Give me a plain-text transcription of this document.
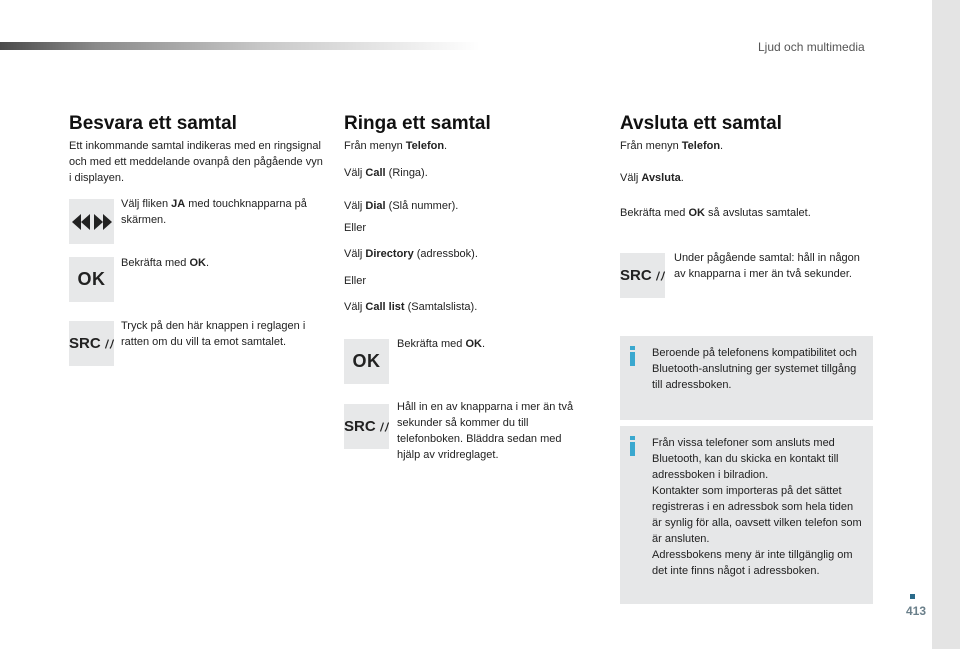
Ljud och multimedia
413
Besvara ett samtal

Ett inkommande samtal indikeras med en ringsignal och med ett meddelande ovanpå den pågående vyn i displayen.

Välj fliken JA med touchknapparna på skärmen.

OK

Bekräfta med OK.

SRC

Tryck på den här knappen i reglagen i ratten om du vill ta emot samtalet.

Ringa ett samtal

Från menyn Telefon.

Välj Call (Ringa).

Välj Dial (Slå nummer).

Eller

Välj Directory (adressbok).

Eller

Välj Call list (Samtalslista).

OK

Bekräfta med OK.

SRC

Håll in en av knapparna i mer än två sekunder så kommer du till telefonboken. Bläddra sedan med hjälp av vridreglaget.

Avsluta ett samtal

Från menyn Telefon.

Välj Avsluta.

Bekräfta med OK så avslutas samtalet.

SRC

Under pågående samtal: håll in någon av knapparna i mer än två sekunder.

Beroende på telefonens kompatibilitet och Bluetooth-anslutning ger systemet tillgång till adressboken.

Från vissa telefoner som ansluts med Bluetooth, kan du skicka en kontakt till adressboken i bilradion.
Kontakter som importeras på det sättet registreras i en adressbok som hela tiden är synlig för alla, oavsett vilken telefon som är ansluten.
Adressbokens meny är inte tillgänglig om det inte finns något i adressboken.
